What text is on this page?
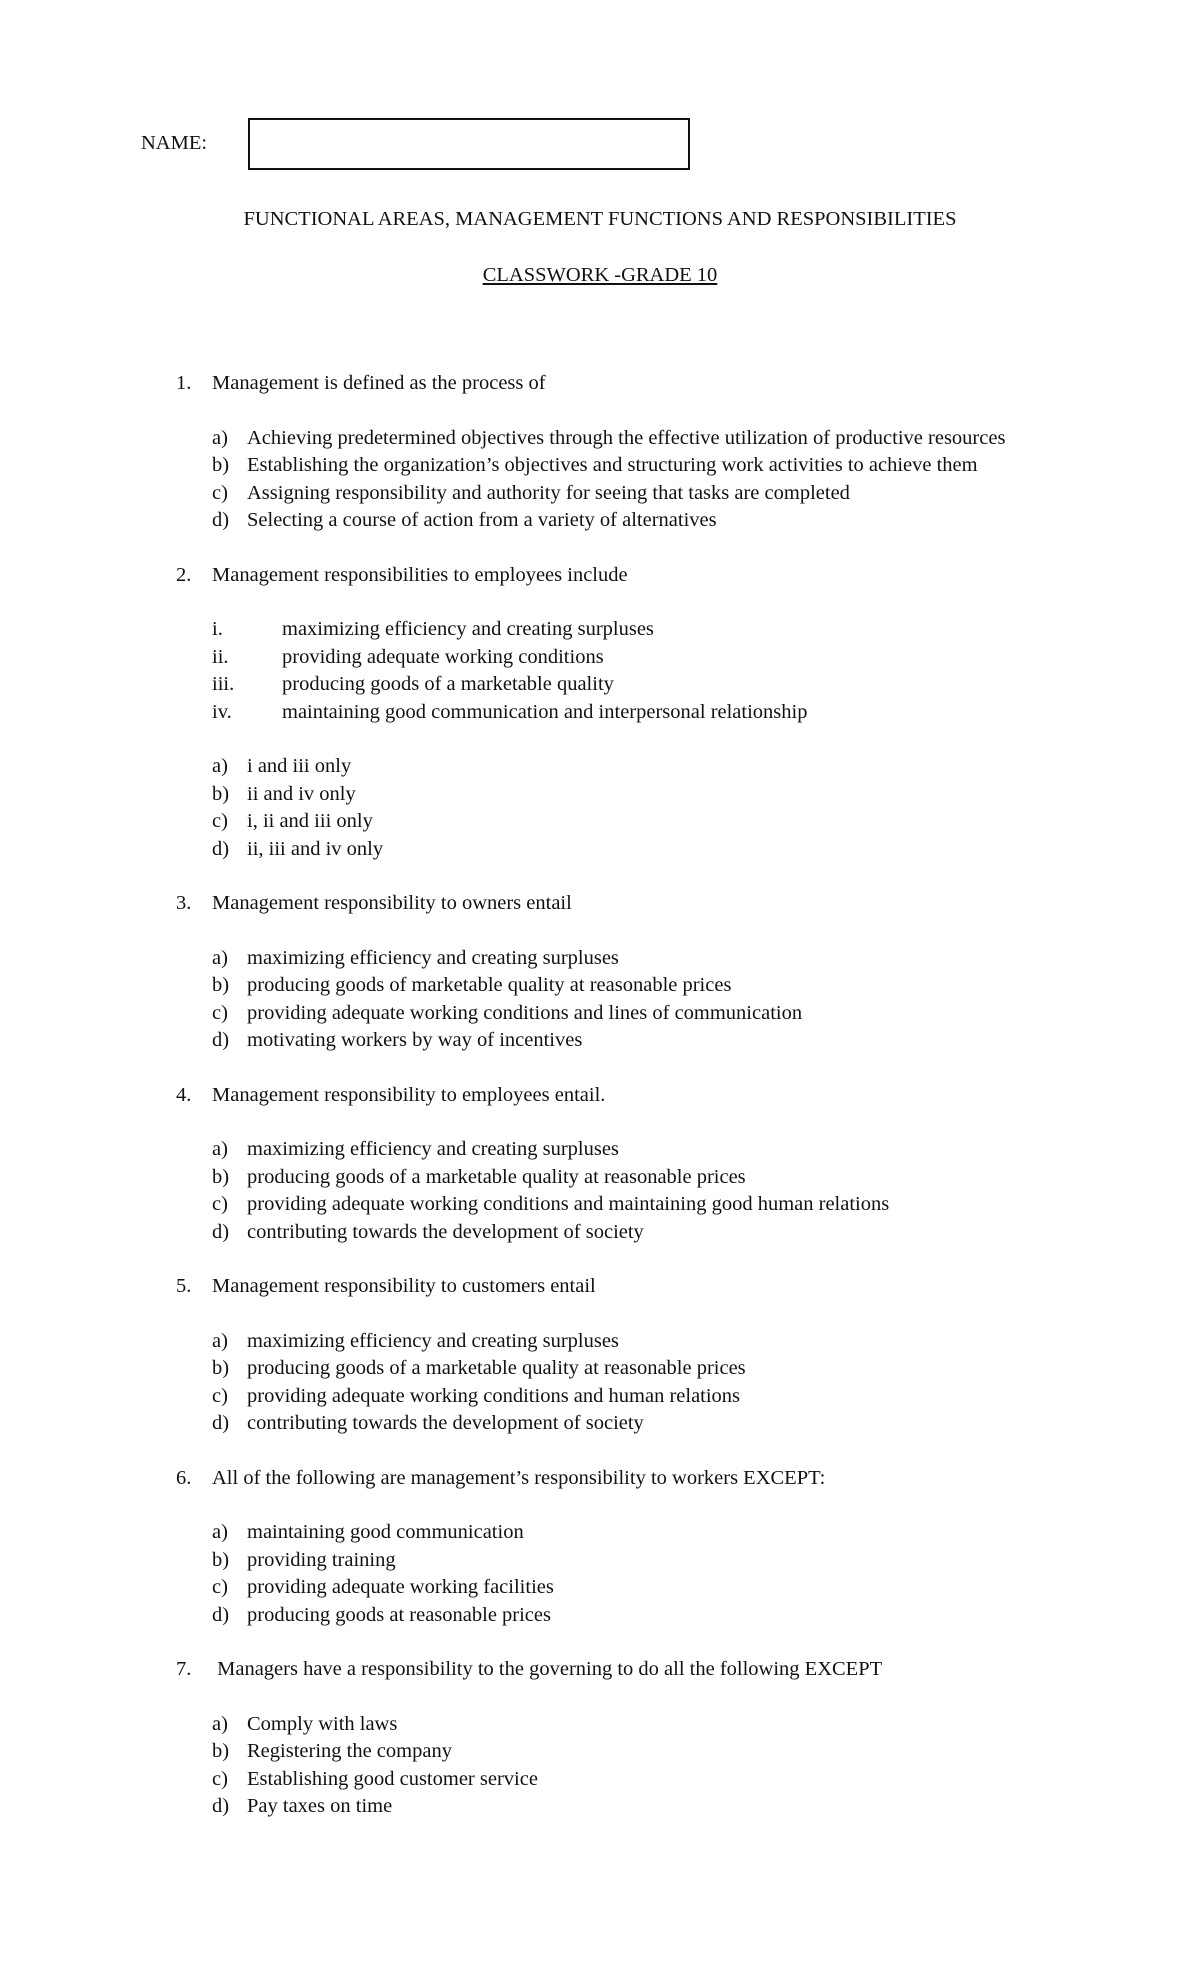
NAME:
FUNCTIONAL AREAS, MANAGEMENT FUNCTIONS AND RESPONSIBILITIES
CLASSWORK -GRADE 10
1.	Management is defined as the process of
a) Achieving predetermined objectives through the effective utilization of productive resources
b) Establishing the organization’s objectives and structuring work activities to achieve them
c) Assigning responsibility and authority for seeing that tasks are completed
d) Selecting a course of action from a variety of alternatives
2.	Management responsibilities to employees include
i.	maximizing efficiency and creating surpluses
ii.	providing adequate working conditions
iii.	producing goods of a marketable quality
iv.	maintaining good communication and interpersonal relationship
a) i and iii only
b) ii and iv only
c) i, ii and iii only
d) ii, iii and iv only
3.	Management responsibility to owners entail
a) maximizing efficiency and creating surpluses
b) producing goods of marketable quality at reasonable prices
c) providing adequate working conditions and lines of communication
d) motivating workers by way of incentives
4.	Management responsibility to employees entail.
a) maximizing efficiency and creating surpluses
b) producing goods of a marketable quality at reasonable prices
c) providing adequate working conditions and maintaining good human relations
d) contributing towards the development of society
5.	Management responsibility to customers entail
a) maximizing efficiency and creating surpluses
b) producing goods of a marketable quality at reasonable prices
c) providing adequate working conditions and human relations
d) contributing towards the development of society
6.	All of the following are management’s responsibility to workers EXCEPT:
a) maintaining good communication
b) providing training
c) providing adequate working facilities
d) producing goods at reasonable prices
7.	Managers have a responsibility to the governing to do all the following EXCEPT
a) Comply with laws
b) Registering the company
c) Establishing good customer service
d) Pay taxes on time
